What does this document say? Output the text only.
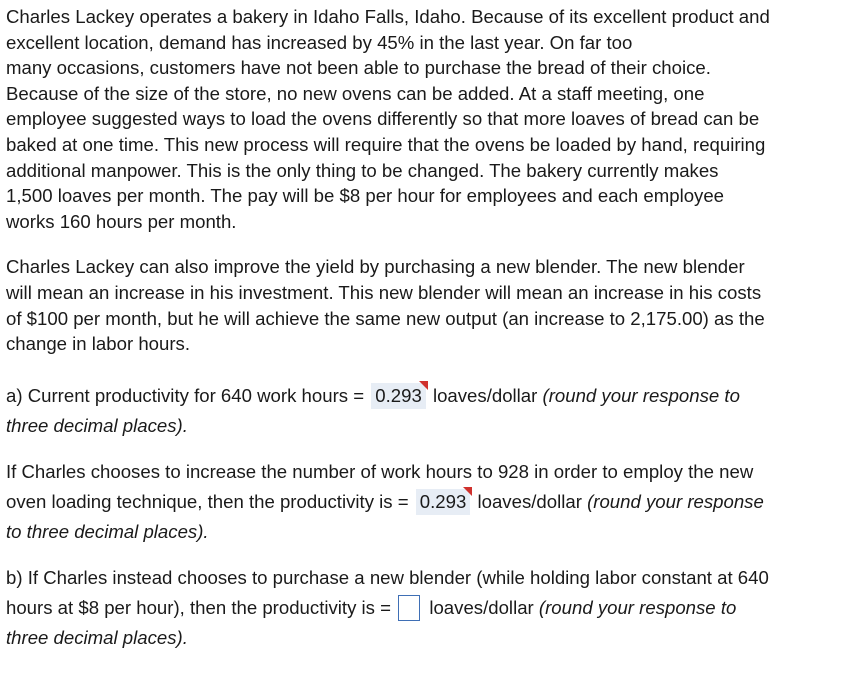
Charles Lackey operates a bakery in Idaho Falls, Idaho. Because of its excellent product and
excellent location, demand has increased by 45% in the last year. On far too
many occasions, customers have not been able to purchase the bread of their choice.
Because of the size of the store, no new ovens can be added. At a staff meeting, one
employee suggested ways to load the ovens differently so that more loaves of bread can be
baked at one time. This new process will require that the ovens be loaded by hand, requiring
additional manpower. This is the only thing to be changed. The bakery currently makes
1,500 loaves per month. The pay will be $8 per hour for employees and each employee
works 160 hours per month.

Charles Lackey can also improve the yield by purchasing a new blender. The new blender
will mean an increase in his investment. This new blender will mean an increase in his costs
of $100 per month, but he will achieve the same new output (an increase to 2,175.00) as the
change in labor hours.

a) Current productivity for 640 work hours = 0.293
loaves/dollar (round your response to
three decimal places).

If Charles chooses to increase the number of work hours to 928 in order to employ the new
oven loading technique, then the productivity is = 0.293
loaves/dollar (round your response
to three decimal places).

b) If Charles instead chooses to purchase a new blender (while holding labor constant at 640
hours at $8 per hour), then the productivity is =  loaves/dollar (round your response to
three decimal places).
